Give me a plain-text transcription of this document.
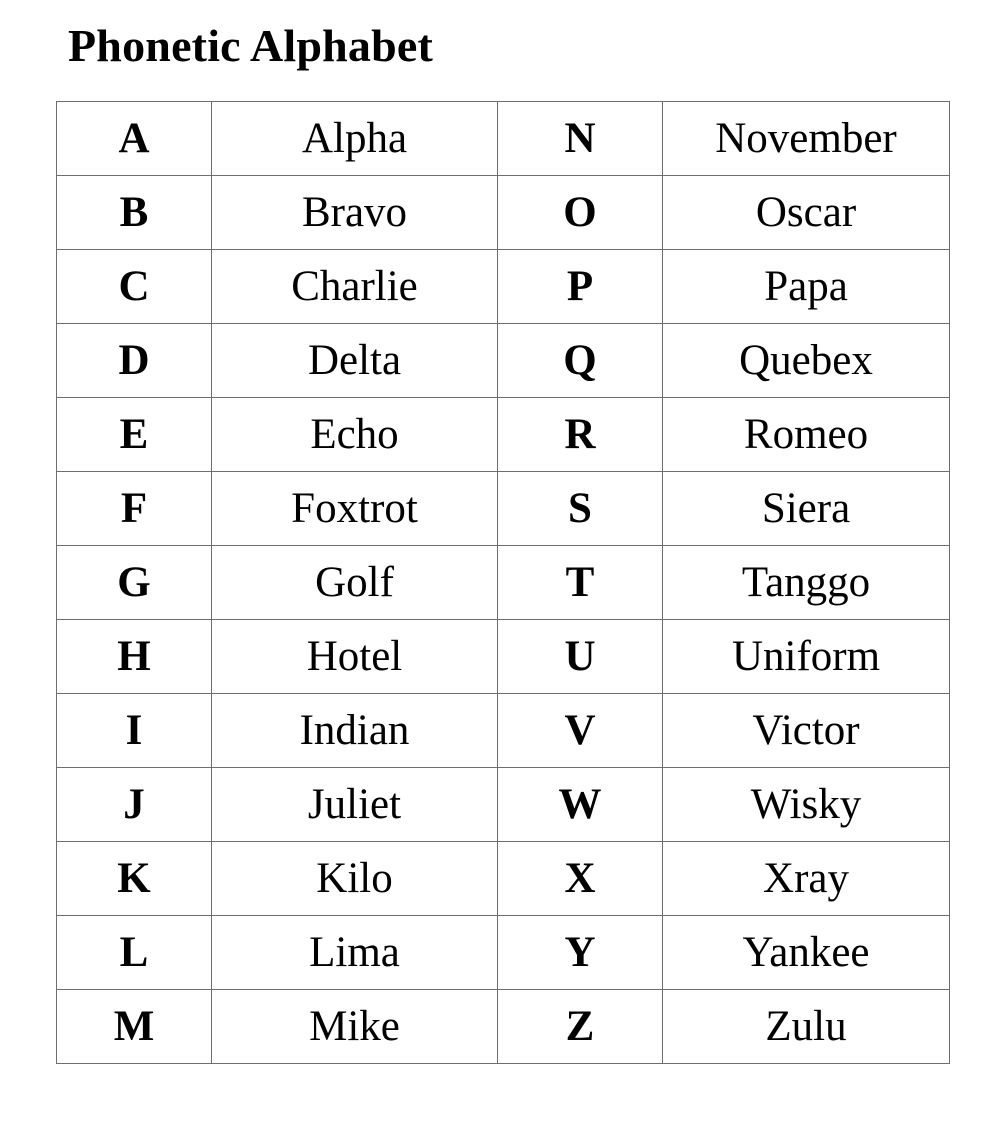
Phonetic Alphabet
A	Alpha	N	November
B	Bravo	O	Oscar
C	Charlie	P	Papa
D	Delta	Q	Quebex
E	Echo	R	Romeo
F	Foxtrot	S	Siera
G	Golf	T	Tanggo
H	Hotel	U	Uniform
I	Indian	V	Victor
J	Juliet	W	Wisky
K	Kilo	X	Xray
L	Lima	Y	Yankee
M	Mike	Z	Zulu
